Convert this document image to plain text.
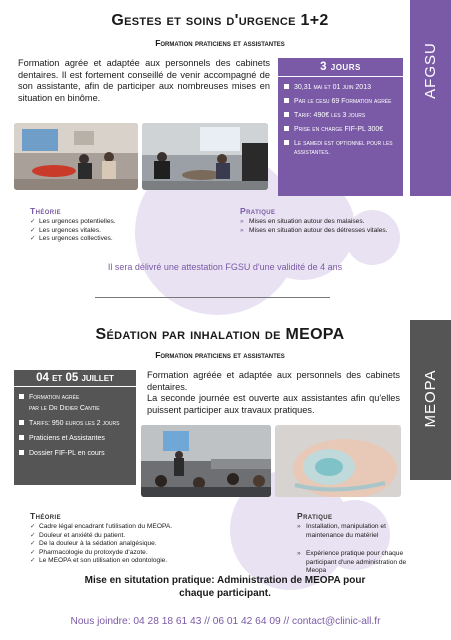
Gestes et soins d'urgence 1+2
Formation praticiens et assistantes	AFGSU
Formation agrée et adaptée aux personnels des cabinets dentaires. Il est fortement conseillé de venir accompagné de son assistante, afin de participer aux nombreuses mises en situation en binôme.
3 jours
30,31 mai et 01 juin 2013
Par le cesu 69 Formation agrée
Tarif: 490€ les 3 jours
Prise en charge FIF-PL 300€
Le samedi est optionnel pour les assistantes.
Théorie
✓ Les urgences potentielles.
✓ Les urgences vitales.
✓ Les urgences collectives.
Pratique
» Mises en situation autour des malaises.
» Mises en situation autour des détresses vitales.
Il sera délivré une attestation FGSU d'une validité de 4 ans
MEOPA
Sédation par inhalation de MEOPA
Formation praticiens et assistantes
04 et 05 juillet
Formation agrée
par le Dr Didier Cantie
Tarifs: 950 euros les 2 jours
Praticiens et Assistantes
Dossier FIF-PL en cours
Formation agréée et adaptée aux personnels des cabinets dentaires.
La seconde journée est ouverte aux assistantes afin qu'elles puissent participer aux travaux pratiques.
Théorie
✓ Cadre légal encadrant l'utilisation du MEOPA.
✓ Douleur et anxiété du patient.
✓ De la douleur à la sédation analgésique.
✓ Pharmacologie du protoxyde d'azote.
✓ Le MEOPA et son utilisation en odontologie.
Pratique
» Installation, manipulation et maintenance du matériel
» Expérience pratique pour chaque participant d'une administration de Meopa
Mise en situtation pratique: Administration de MEOPA pour chaque participant.
Nous joindre: 04 28 18 61 43 // 06 01 42 64 09 // contact@clinic-all.fr
